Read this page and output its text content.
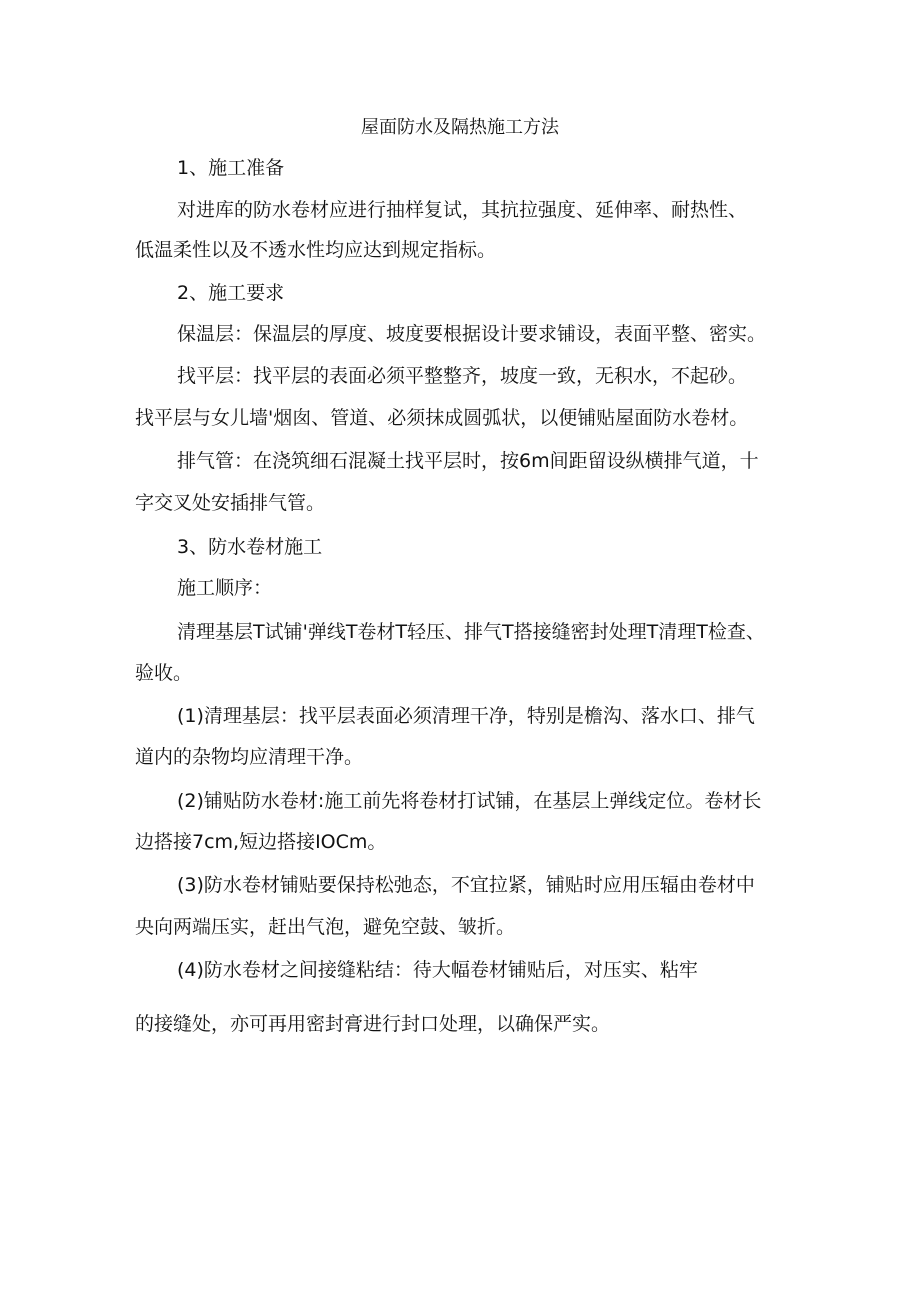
屋面防水及隔热施工方法
1、施工准备
对进库的防水卷材应进行抽样复试，其抗拉强度、延伸率、耐热性、
低温柔性以及不透水性均应达到规定指标。
2、施工要求
保温层：保温层的厚度、坡度要根据设计要求铺设，表面平整、密实。
找平层：找平层的表面必须平整整齐，坡度一致，无积水，不起砂。
找平层与女儿墙'烟囱、管道、必须抹成圆弧状，以便铺贴屋面防水卷材。
排气管：在浇筑细石混凝土找平层时，按6m间距留设纵横排气道，十
字交叉处安插排气管。
3、防水卷材施工
施工顺序：
清理基层T试铺'弹线T卷材T轻压、排气T搭接缝密封处理T清理T检查、
验收。
(1)清理基层：找平层表面必须清理干净，特别是檐沟、落水口、排气
道内的杂物均应清理干净。
(2)铺贴防水卷材:施工前先将卷材打试铺，在基层上弹线定位。卷材长
边搭接7cm,短边搭接IOCm。
(3)防水卷材铺贴要保持松弛态，不宜拉紧，铺贴时应用压辐由卷材中
央向两端压实，赶出气泡，避免空鼓、皱折。
(4)防水卷材之间接缝粘结：待大幅卷材铺贴后，对压实、粘牢
的接缝处，亦可再用密封膏进行封口处理，以确保严实。
